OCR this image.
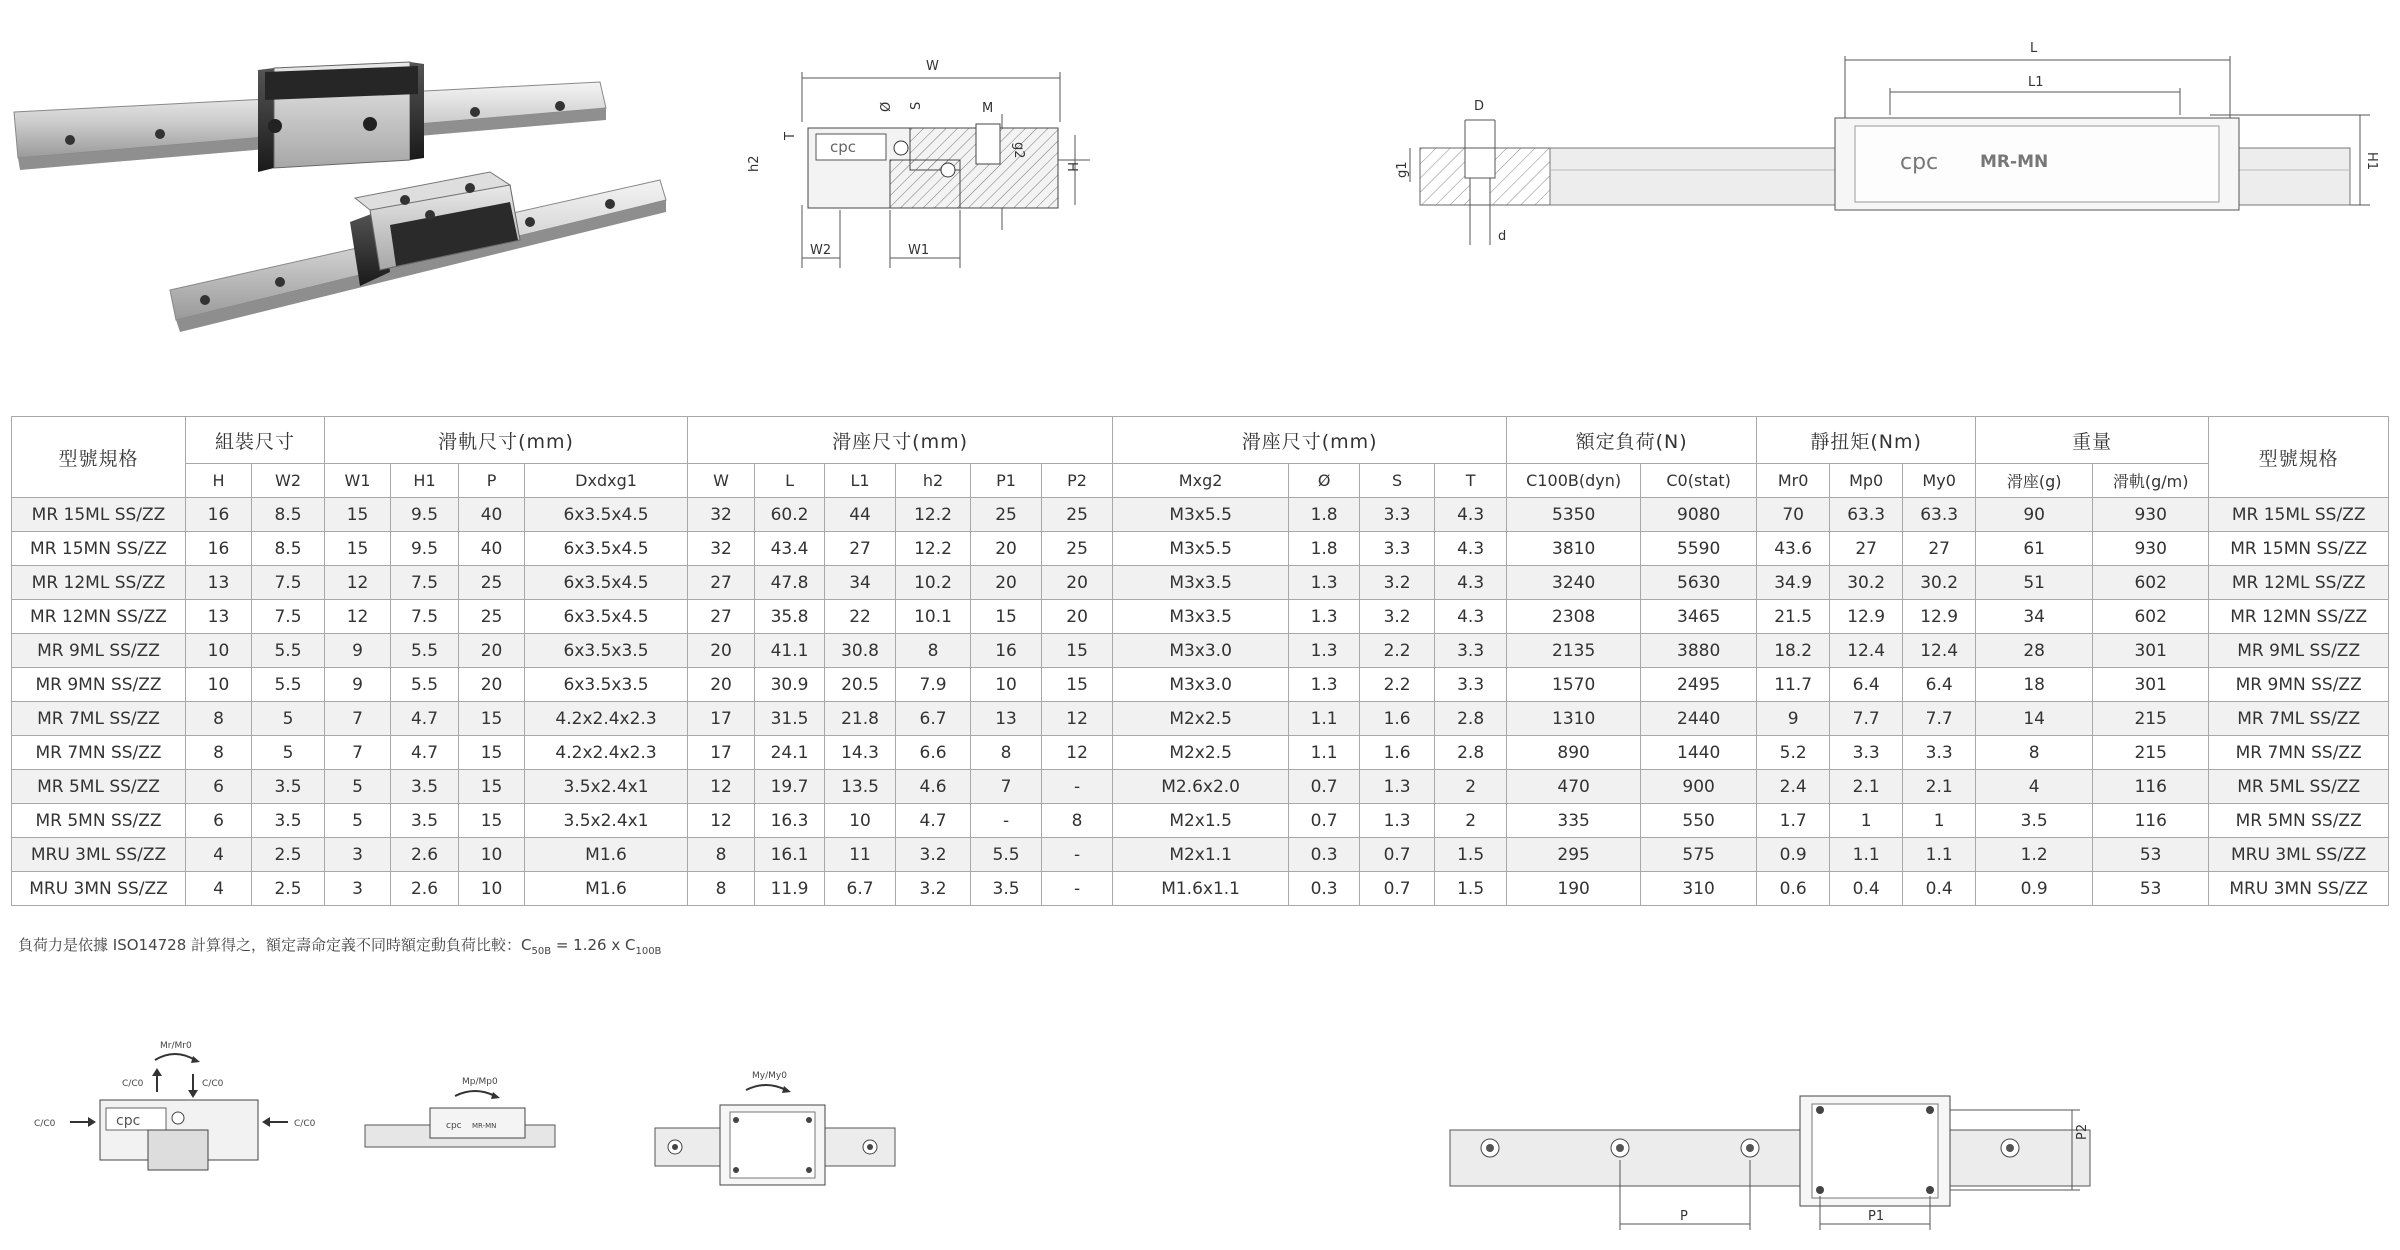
cpc
W
S
Ø	M
g2
H
T
h2
W2	W1
cpc MR-MN
L
L1
D
d
g1	H1
型號規格	組裝尺寸		滑軌尺寸(mm)				滑座尺寸(mm)						滑座尺寸(mm)				額定負荷(N)		靜扭矩(Nm)			重量		型號規格
	H	W2	W1	H1	P	Dxdxg1	W	L	L1	h2	P1	P2	Mxg2	Ø	S	T	C100B(dyn)	C0(stat)	Mr0	Mp0	My0	滑座(g)	滑軌(g/m)	
MR 15ML SS/ZZ	16	8.5	15	9.5	40	6x3.5x4.5	32	60.2	44	12.2	25	25	M3x5.5	1.8	3.3	4.3	5350	9080	70	63.3	63.3	90	930	MR 15ML SS/ZZ
MR 15MN SS/ZZ	16	8.5	15	9.5	40	6x3.5x4.5	32	43.4	27	12.2	20	25	M3x5.5	1.8	3.3	4.3	3810	5590	43.6	27	27	61	930	MR 15MN SS/ZZ
MR 12ML SS/ZZ	13	7.5	12	7.5	25	6x3.5x4.5	27	47.8	34	10.2	20	20	M3x3.5	1.3	3.2	4.3	3240	5630	34.9	30.2	30.2	51	602	MR 12ML SS/ZZ
MR 12MN SS/ZZ	13	7.5	12	7.5	25	6x3.5x4.5	27	35.8	22	10.1	15	20	M3x3.5	1.3	3.2	4.3	2308	3465	21.5	12.9	12.9	34	602	MR 12MN SS/ZZ
MR 9ML SS/ZZ	10	5.5	9	5.5	20	6x3.5x3.5	20	41.1	30.8	8	16	15	M3x3.0	1.3	2.2	3.3	2135	3880	18.2	12.4	12.4	28	301	MR 9ML SS/ZZ
MR 9MN SS/ZZ	10	5.5	9	5.5	20	6x3.5x3.5	20	30.9	20.5	7.9	10	15	M3x3.0	1.3	2.2	3.3	1570	2495	11.7	6.4	6.4	18	301	MR 9MN SS/ZZ
MR 7ML SS/ZZ	8	5	7	4.7	15	4.2x2.4x2.3	17	31.5	21.8	6.7	13	12	M2x2.5	1.1	1.6	2.8	1310	2440	9	7.7	7.7	14	215	MR 7ML SS/ZZ
MR 7MN SS/ZZ	8	5	7	4.7	15	4.2x2.4x2.3	17	24.1	14.3	6.6	8	12	M2x2.5	1.1	1.6	2.8	890	1440	5.2	3.3	3.3	8	215	MR 7MN SS/ZZ
MR 5ML SS/ZZ	6	3.5	5	3.5	15	3.5x2.4x1	12	19.7	13.5	4.6	7	-	M2.6x2.0	0.7	1.3	2	470	900	2.4	2.1	2.1	4	116	MR 5ML SS/ZZ
MR 5MN SS/ZZ	6	3.5	5	3.5	15	3.5x2.4x1	12	16.3	10	4.7	-	8	M2x1.5	0.7	1.3	2	335	550	1.7	1	1	3.5	116	MR 5MN SS/ZZ
MRU 3ML SS/ZZ	4	2.5	3	2.6	10	M1.6	8	16.1	11	3.2	5.5	-	M2x1.1	0.3	0.7	1.5	295	575	0.9	1.1	1.1	1.2	53	MRU 3ML SS/ZZ
MRU 3MN SS/ZZ	4	2.5	3	2.6	10	M1.6	8	11.9	6.7	3.2	3.5	-	M1.6x1.1	0.3	0.7	1.5	190	310	0.6	0.4	0.4	0.9	53	MRU 3MN SS/ZZ
負荷力是依據 ISO14728 計算得之，額定壽命定義不同時額定動負荷比較：$C_{50B} = 1.26$ x $C_{100B}$
Mr/Mr0
C/C0	C/C0
C/C0	C/C0
cpc
Mp/Mp0
cpc MR-MN
My/My0
P	P1
P2
